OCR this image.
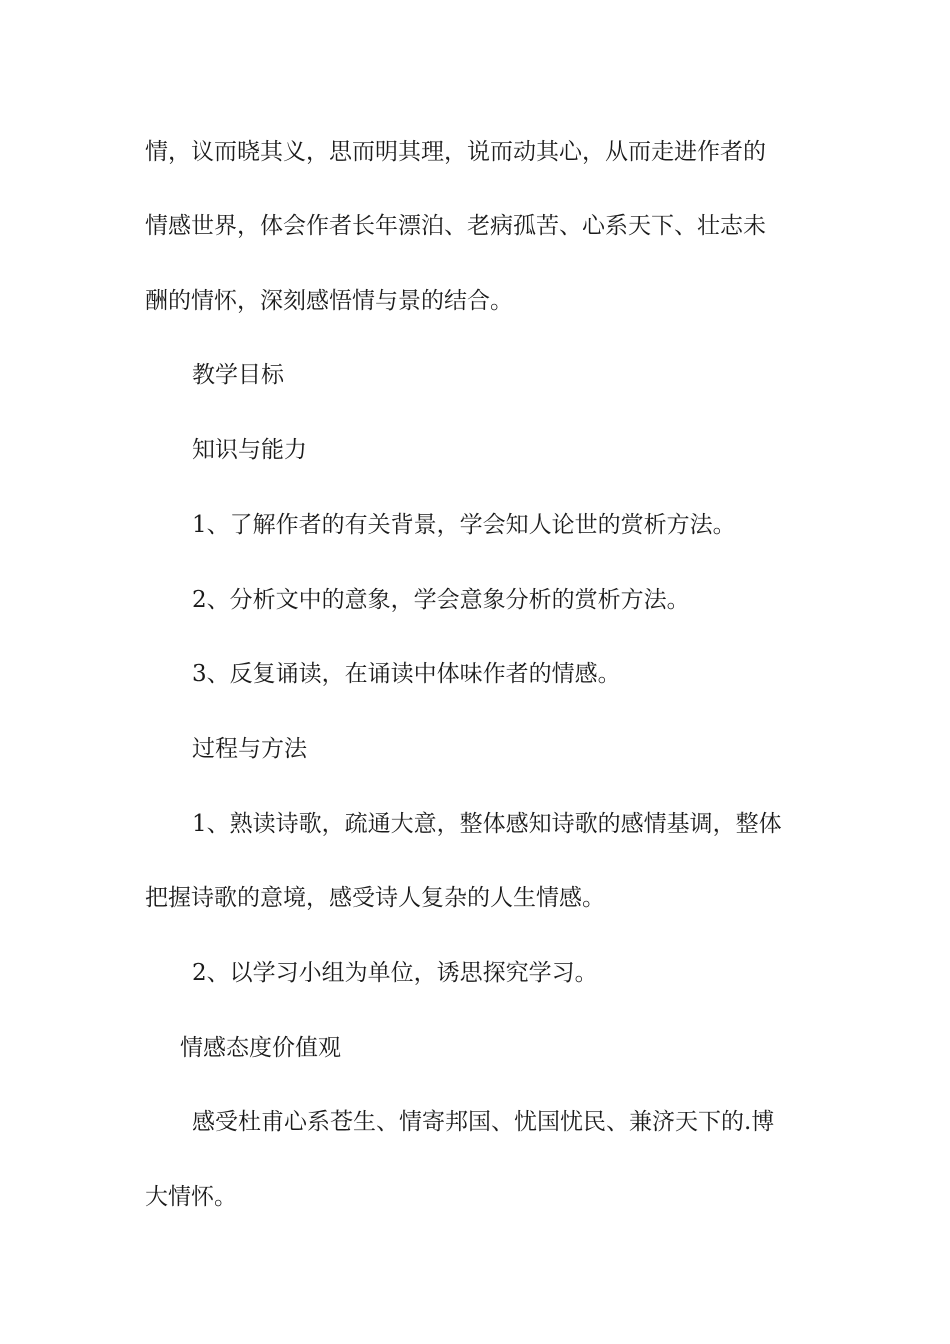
情，议而晓其义，思而明其理，说而动其心，从而走进作者的
情感世界，体会作者长年漂泊、老病孤苦、心系天下、壮志未
酬的情怀，深刻感悟情与景的结合。
教学目标
知识与能力
1、了解作者的有关背景，学会知人论世的赏析方法。
2、分析文中的意象，学会意象分析的赏析方法。
3、反复诵读，在诵读中体味作者的情感。
过程与方法
1、熟读诗歌，疏通大意，整体感知诗歌的感情基调，整体
把握诗歌的意境，感受诗人复杂的人生情感。
2、以学习小组为单位，诱思探究学习。
情感态度价值观
感受杜甫心系苍生、情寄邦国、忧国忧民、兼济天下的.博
大情怀。
